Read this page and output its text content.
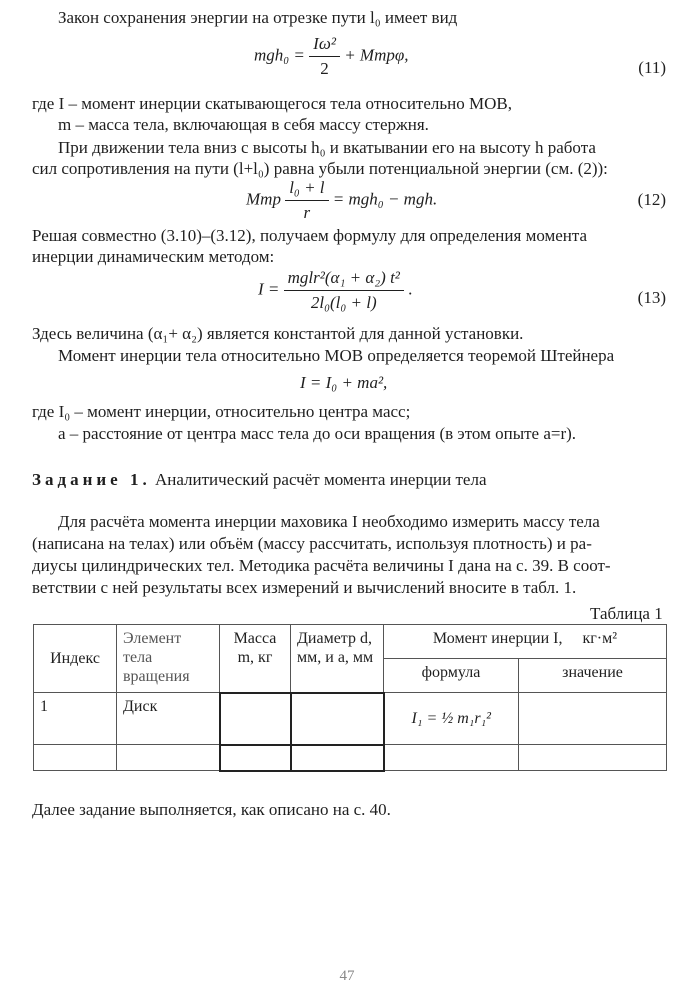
Закон сохранения энергии на отрезке пути l₀ имеет вид
$mgh_0 = \frac{\text{Iω²}}{2} + Mтр\varphi$,
(11)
где I – момент инерции скатывающегося тела относительно МОВ,
m – масса тела, включающая в себя массу стержня.
При движении тела вниз с высоты h₀ и вкатывании его на высоту h работа
сил сопротивления на пути (l+l₀) равна убыли потенциальной энергии (см. (2)):
Mтр $\frac{\text{l₀ + l}}{r} = mgh_0$ − mgh.	(12)
Решая совместно (3.10)–(3.12), получаем формулу для определения момента
инерции динамическим методом:
$I = \frac{\text{mglr²(α₁ + α₂) t²}}{\text{2l₀(l₀ + l)}}$ .	(13)
Здесь величина (α₁+ α₂) является константой для данной установки.
Момент инерции тела относительно МОВ определяется теоремой Штейнера
I = I₀ + ma²,
где I₀ – момент инерции, относительно центра масс;
a – расстояние от центра масс тела до оси вращения (в этом опыте a=r).
Задание 1. Аналитический расчёт момента инерции тела
Для расчёта момента инерции маховика I необходимо измерить массу тела
(написана на телах) или объём (массу рассчитать, используя плотность) и ра-
диусы цилиндрических тел. Методика расчёта величины I дана на с. 39. В соот-
ветствии с ней результаты всех измерений и вычислений вносите в табл. 1.
Таблица 1
Индекс	Элемент тела вращения	Масса m, кг	Диаметр d, мм, и a, мм	Момент инерции I, кг·м²	
				формула	значение
1	Диск			I₁ = ½ m₁r₁²	

Далее задание выполняется, как описано на с. 40.
47
